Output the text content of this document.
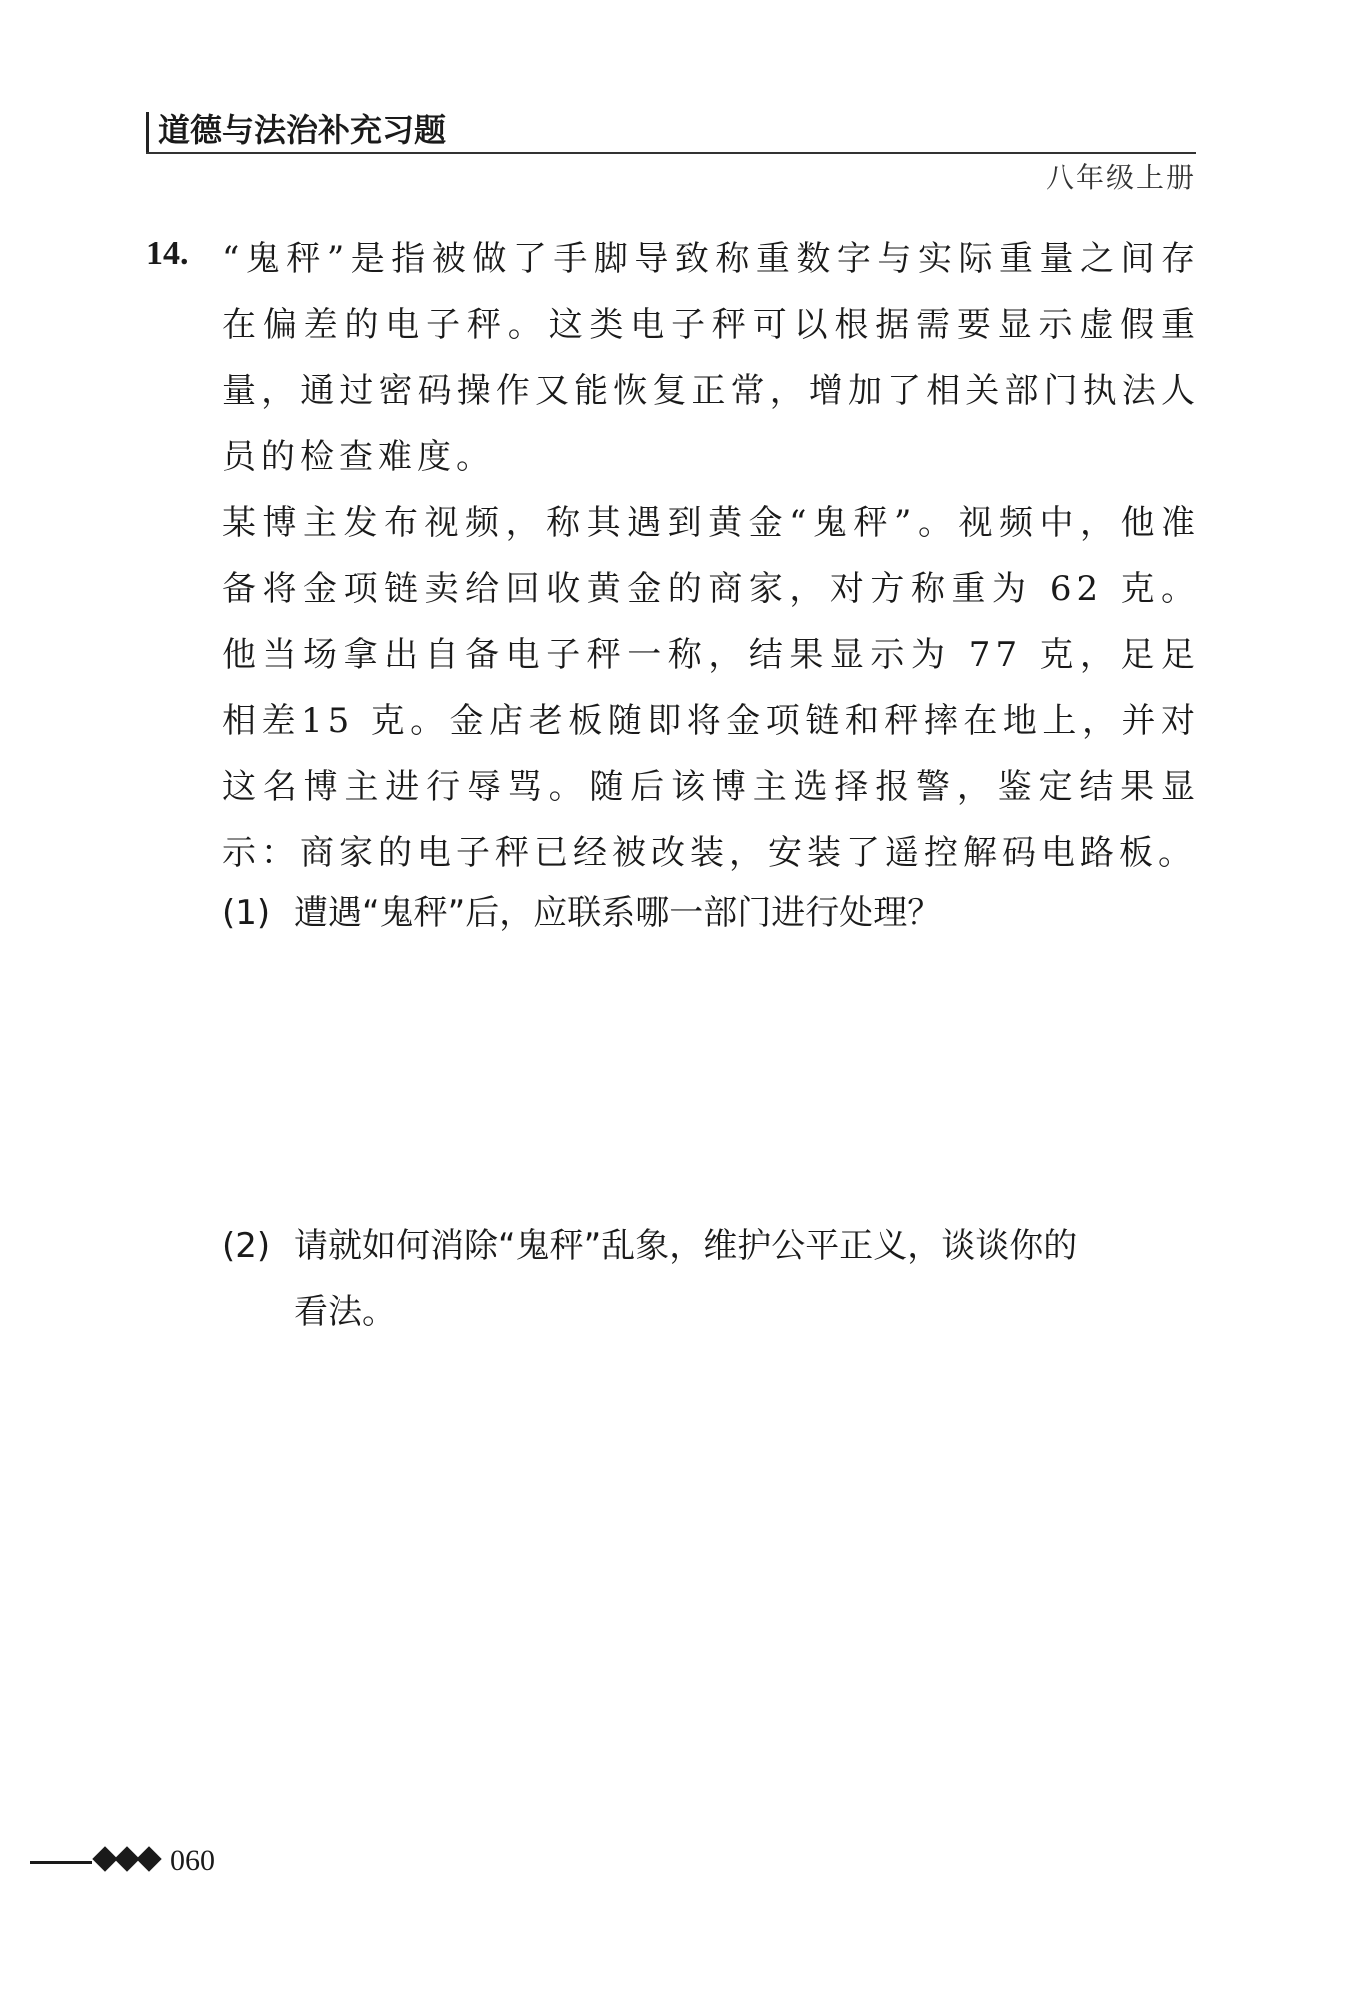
道德与法治补充习题
八年级上册
14. “鬼秤”是指被做了手脚导致称重数字与实际重量之间存在偏差的电子秤。这类电子秤可以根据需要显示虚假重量，通过密码操作又能恢复正常，增加了相关部门执法人员的检查难度。

某博主发布视频，称其遇到黄金“鬼秤”。视频中，他准备将金项链卖给回收黄金的商家，对方称重为 62 克。他当场拿出自备电子秤一称，结果显示为 77 克，足足相差15 克。金店老板随即将金项链和秤摔在地上，并对这名博主进行辱骂。随后该博主选择报警，鉴定结果显示：商家的电子秤已经被改装，安装了遥控解码电路板。

(1) 遭遇“鬼秤”后，应联系哪一部门进行处理？
(2) 请就如何消除“鬼秤”乱象，维护公平正义，谈谈你的
看法。
060
